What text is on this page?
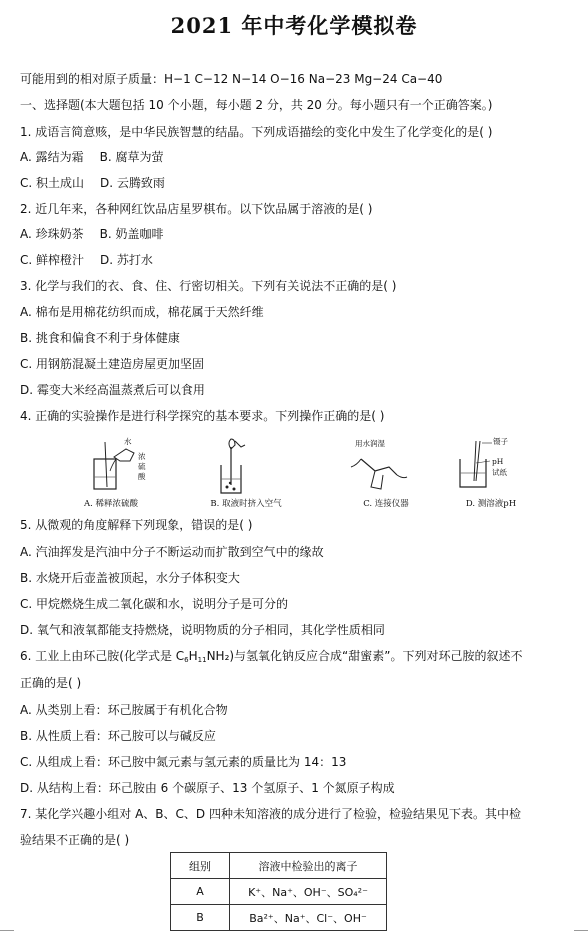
2021 年中考化学模拟卷
可能用到的相对原子质量：H−1 C−12 N−14 O−16 Na−23 Mg−24 Ca−40
一、选择题(本大题包括 10 个小题，每小题 2 分，共 20 分。每小题只有一个正确答案。)
1. 成语言简意赅，是中华民族智慧的结晶。下列成语描绘的变化中发生了化学变化的是( )
A. 露结为霜 B. 腐草为萤
C. 积土成山 D. 云腾致雨
2. 近几年来，各种网红饮品店星罗棋布。以下饮品属于溶液的是( )
A. 珍珠奶茶 B. 奶盖咖啡
C. 鲜榨橙汁 D. 苏打水
3. 化学与我们的衣、食、住、行密切相关。下列有关说法不正确的是( )
A. 棉布是用棉花纺织而成，棉花属于天然纤维
B. 挑食和偏食不利于身体健康
C. 用钢筋混凝土建造房屋更加坚固
D. 霉变大米经高温蒸煮后可以食用
4. 正确的实验操作是进行科学探究的基本要求。下列操作正确的是( )
水
浓
硫
酸
A. 稀释浓硫酸	B. 取液时挤入空气
用水润湿
C. 连接仪器
镊子
pH
试纸
D. 测溶液pH
5. 从微观的角度解释下列现象，错误的是( )
A. 汽油挥发是汽油中分子不断运动而扩散到空气中的缘故
B. 水烧开后壶盖被顶起，水分子体积变大
C. 甲烷燃烧生成二氧化碳和水，说明分子是可分的
D. 氧气和液氧都能支持燃烧，说明物质的分子相同，其化学性质相同
6. 工业上由环己胺(化学式是 $C_6H_{11}NH_2$)与氢氧化钠反应合成“甜蜜素”。下列对环己胺的叙述不
正确的是( )
A. 从类别上看：环己胺属于有机化合物
B. 从性质上看：环己胺可以与碱反应
C. 从组成上看：环己胺中氮元素与氢元素的质量比为 14：13
D. 从结构上看：环己胺由 6 个碳原子、13 个氢原子、1 个氮原子构成
7. 某化学兴趣小组对 A、B、C、D 四种未知溶液的成分进行了检验，检验结果见下表。其中检
验结果不正确的是( )
组别	溶液中检验出的离子
A	K⁺、Na⁺、OH⁻、SO₄²⁻
B	Ba²⁺、Na⁺、Cl⁻、OH⁻
